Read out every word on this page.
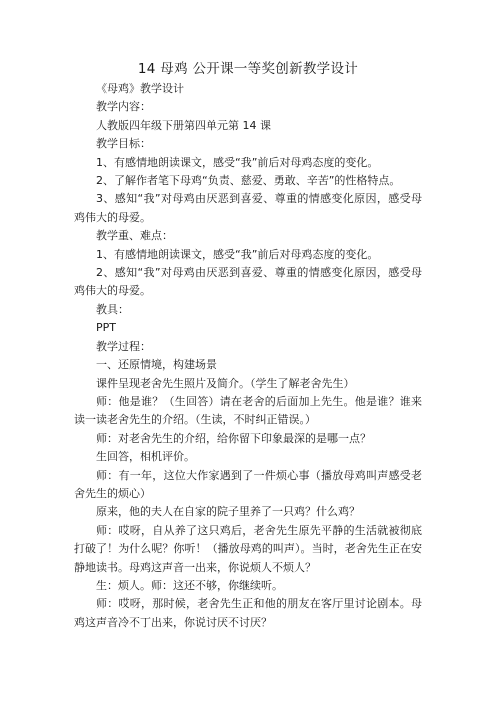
14 母鸡 公开课一等奖创新教学设计

《母鸡》教学设计

教学内容：

人教版四年级下册第四单元第 14 课

教学目标：

1、有感情地朗读课文，感受“我”前后对母鸡态度的变化。

2、了解作者笔下母鸡“负责、慈爱、勇敢、辛苦”的性格特点。

3、感知“我”对母鸡由厌恶到喜爱、尊重的情感变化原因，感受母鸡伟大的母爱。

教学重、难点：

1、有感情地朗读课文，感受“我”前后对母鸡态度的变化。

2、感知“我”对母鸡由厌恶到喜爱、尊重的情感变化原因，感受母鸡伟大的母爱。

教具：

PPT

教学过程：

一、还原情境，构建场景

课件呈现老舍先生照片及简介。（学生了解老舍先生）

师：他是谁？（生回答）请在老舍的后面加上先生。他是谁？谁来读一读老舍先生的介绍。（生读，不时纠正错误。）

师：对老舍先生的介绍，给你留下印象最深的是哪一点？

生回答，相机评价。

师：有一年，这位大作家遇到了一件烦心事（播放母鸡叫声感受老舍先生的烦心）

原来，他的夫人在自家的院子里养了一只鸡？什么鸡？

师：哎呀，自从养了这只鸡后，老舍先生原先平静的生活就被彻底打破了！为什么呢？你听！（播放母鸡的叫声）。当时，老舍先生正在安静地读书。母鸡这声音一出来，你说烦人不烦人？

生：烦人。师：这还不够，你继续听。

师：哎呀，那时候，老舍先生正和他的朋友在客厅里讨论剧本。母鸡这声音冷不丁出来，你说讨厌不讨厌？
